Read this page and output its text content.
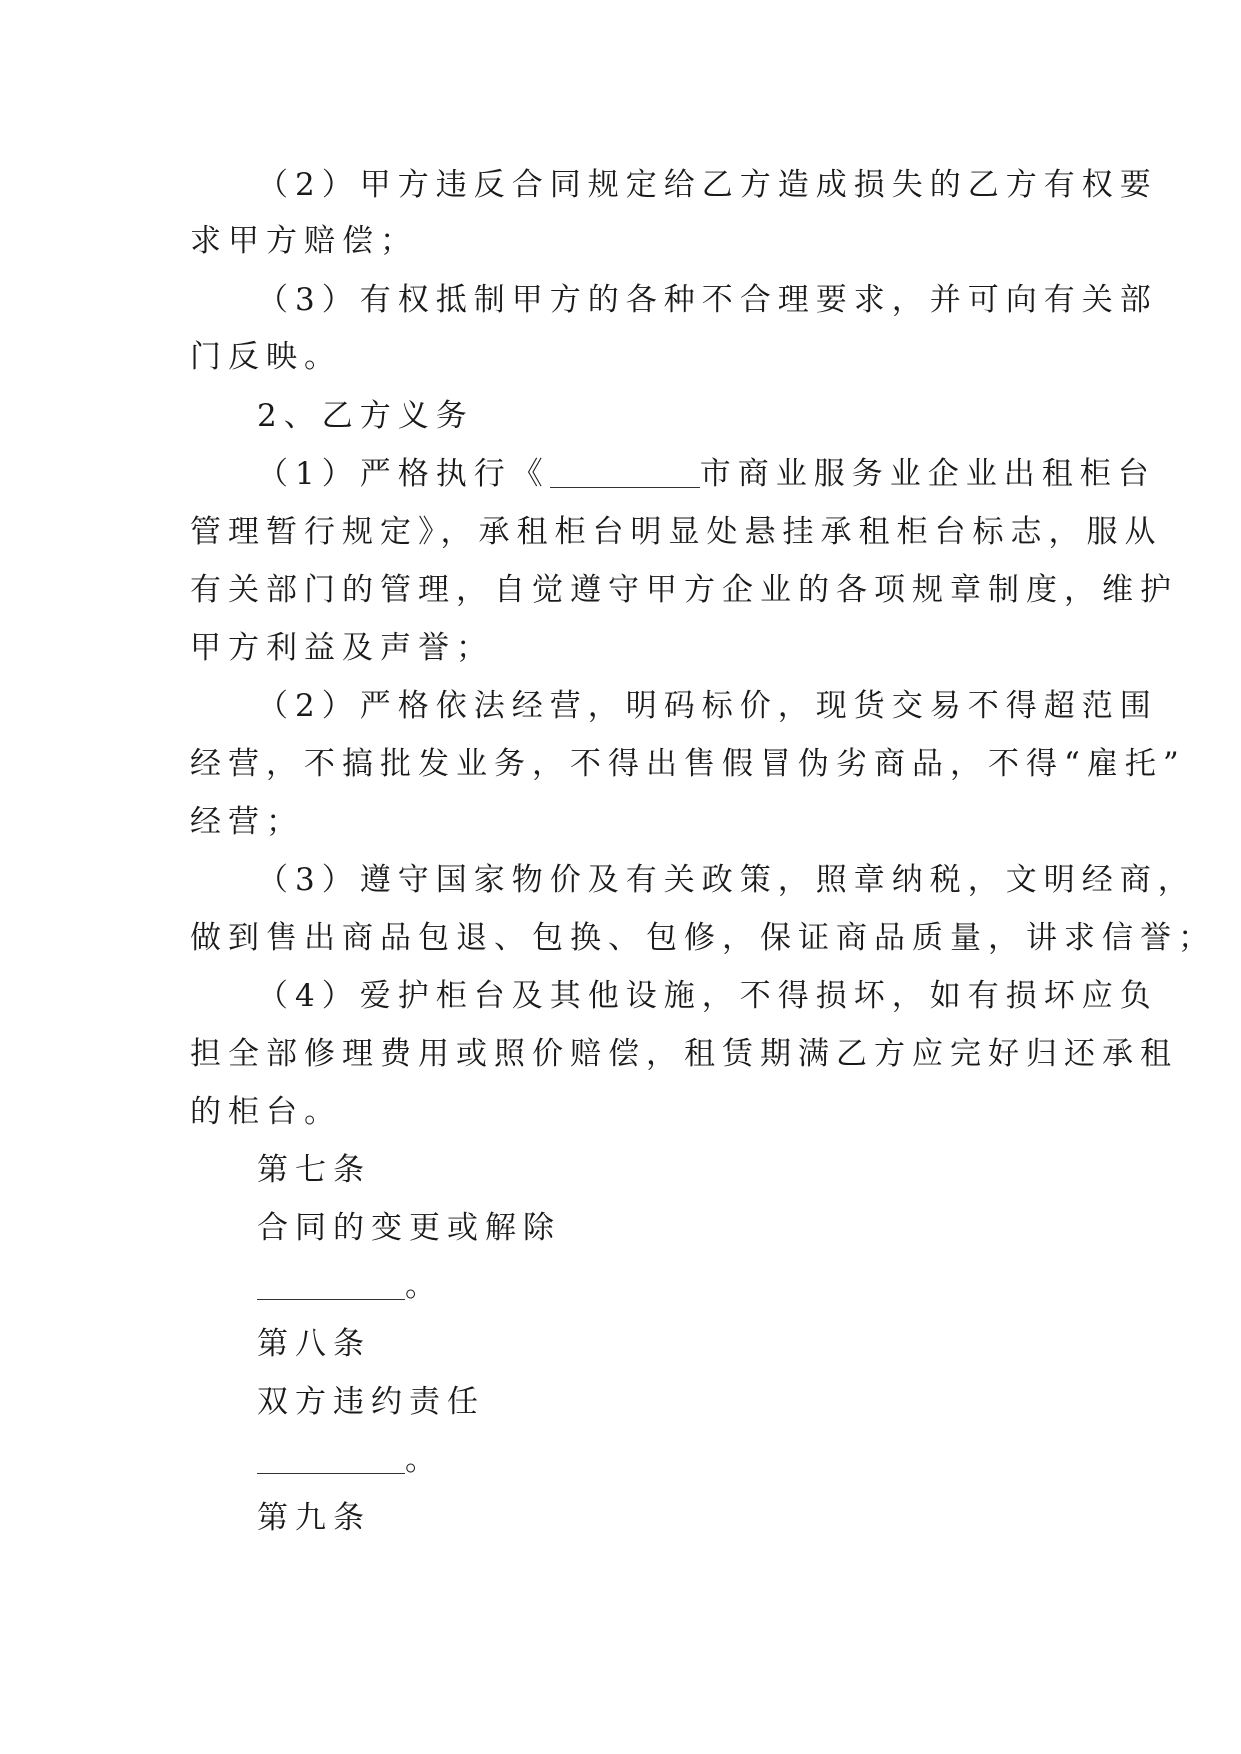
（2）甲方违反合同规定给乙方造成损失的乙方有权要
求甲方赔偿；
（3）有权抵制甲方的各种不合理要求，并可向有关部
门反映。
2、乙方义务
（1）严格执行《	市商业服务业企业出租柜台
管理暂行规定》，承租柜台明显处悬挂承租柜台标志，服从
有关部门的管理，自觉遵守甲方企业的各项规章制度，维护
甲方利益及声誉；
（2）严格依法经营，明码标价，现货交易不得超范围
经营，不搞批发业务，不得出售假冒伪劣商品，不得“雇托”
经营；
（3）遵守国家物价及有关政策，照章纳税，文明经商，
做到售出商品包退、包换、包修，保证商品质量，讲求信誉；
（4）爱护柜台及其他设施，不得损坏，如有损坏应负
担全部修理费用或照价赔偿，租赁期满乙方应完好归还承租
的柜台。
第七条
合同的变更或解除
。
第八条
双方违约责任
。
第九条
